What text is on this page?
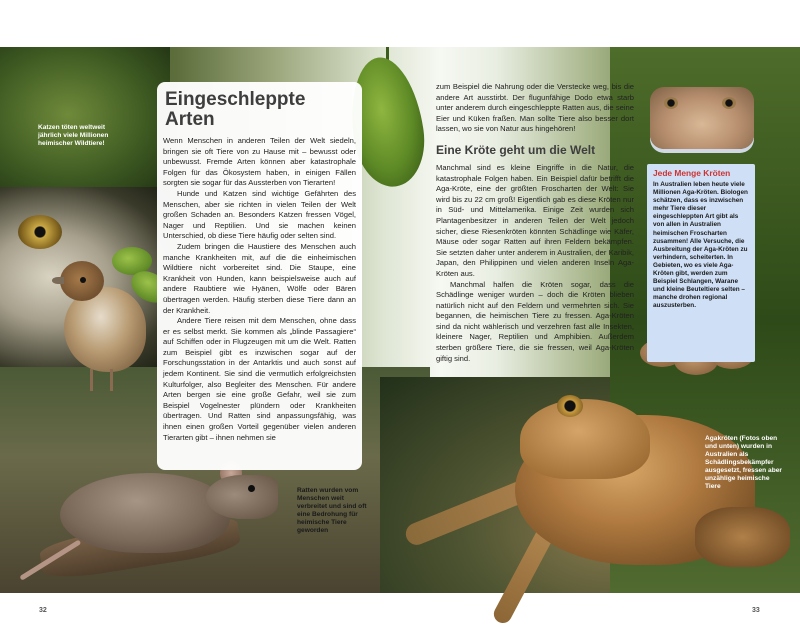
Katzen töten weltweit jährlich viele Millionen heimischer Wildtiere!
Eingeschleppte
Arten

Wenn Menschen in anderen Teilen der Welt siedeln, bringen sie oft Tiere von zu Hause mit – bewusst oder unbewusst. Fremde Arten können aber katastrophale Folgen für das Ökosystem haben, in einigen Fällen sorgten sie sogar für das Aussterben von Tierarten!

Hunde und Katzen sind wichtige Gefährten des Menschen, aber sie richten in vielen Teilen der Welt großen Schaden an. Besonders Katzen fressen Vögel, Nager und Reptilien. Und sie machen keinen Unterschied, ob diese Tiere häufig oder selten sind.

Zudem bringen die Haustiere des Menschen auch manche Krankheiten mit, auf die die einheimischen Wildtiere nicht vorbereitet sind. Die Staupe, eine Krankheit von Hunden, kann beispielsweise auch auf andere Raubtiere wie Hyänen, Wölfe oder Bären übertragen werden. Häufig sterben diese Tiere dann an der Krankheit.

Andere Tiere reisen mit dem Menschen, ohne dass er es selbst merkt. Sie kommen als „blinde Passagiere“ auf Schiffen oder in Flugzeugen mit um die Welt. Ratten zum Beispiel gibt es inzwischen sogar auf der Forschungsstation in der Antarktis und auch sonst auf jedem Kontinent. Sie sind die vermutlich erfolgreichsten Kulturfolger, also Begleiter des Menschen. Für andere Arten bergen sie eine große Gefahr, weil sie zum Beispiel Vogelnester plündern oder Krankheiten übertragen. Und Ratten sind anpassungsfähig, was ihnen einen großen Vorteil gegenüber vielen anderen Tierarten gibt – ihnen nehmen sie

zum Beispiel die Nahrung oder die Verstecke weg, bis die andere Art ausstirbt. Der flugunfähige Dodo etwa starb unter anderem durch eingeschleppte Ratten aus, die seine Eier und Küken fraßen. Man sollte Tiere also besser dort lassen, wo sie von Natur aus hingehören!

Eine Kröte geht um die Welt

Manchmal sind es kleine Eingriffe in die Natur, die katastrophale Folgen haben. Ein Beispiel dafür betrifft die Aga-Kröte, eine der größten Froscharten der Welt: Sie wird bis zu 22 cm groß! Eigentlich gab es diese Kröten nur in Süd- und Mittelamerika. Einige Zeit wurden sich Plantagenbesitzer in anderen Teilen der Welt jedoch sicher, diese Riesenkröten könnten Schädlinge wie Käfer, Mäuse oder sogar Ratten auf ihren Feldern bekämpfen. Sie setzten daher unter anderem in Australien, der Karibik, Japan, den Philippinen und vielen anderen Inseln Aga-Kröten aus.

Manchmal halfen die Kröten sogar, dass die Schädlinge weniger wurden – doch die Kröten blieben natürlich nicht auf den Feldern und vermehrten sich. Sie begannen, die heimischen Tiere zu fressen. Aga-Kröten sind da nicht wählerisch und verzehren fast alle Insekten, kleinere Nager, Reptilien und Amphibien. Außerdem sterben größere Tiere, die sie fressen, weil Aga-Kröten giftig sind.

Jede Menge Kröten

In Australien leben heute viele Millionen Aga-Kröten. Biologen schätzen, dass es inzwischen mehr Tiere dieser eingeschleppten Art gibt als von allen in Australien heimischen Froscharten zusammen! Alle Versuche, die Ausbreitung der Aga-Kröten zu verhindern, scheiterten. In Gebieten, wo es viele Aga-Kröten gibt, werden zum Beispiel Schlangen, Warane und kleine Beuteltiere selten – manche drohen regional auszusterben.

Ratten wurden vom Menschen weit verbreitet und sind oft eine Bedrohung für heimische Tiere geworden
Agakröten (Fotos oben und unten) wurden in Australien als Schädlingsbekämpfer ausgesetzt, fressen aber unzählige heimische Tiere
32	33
